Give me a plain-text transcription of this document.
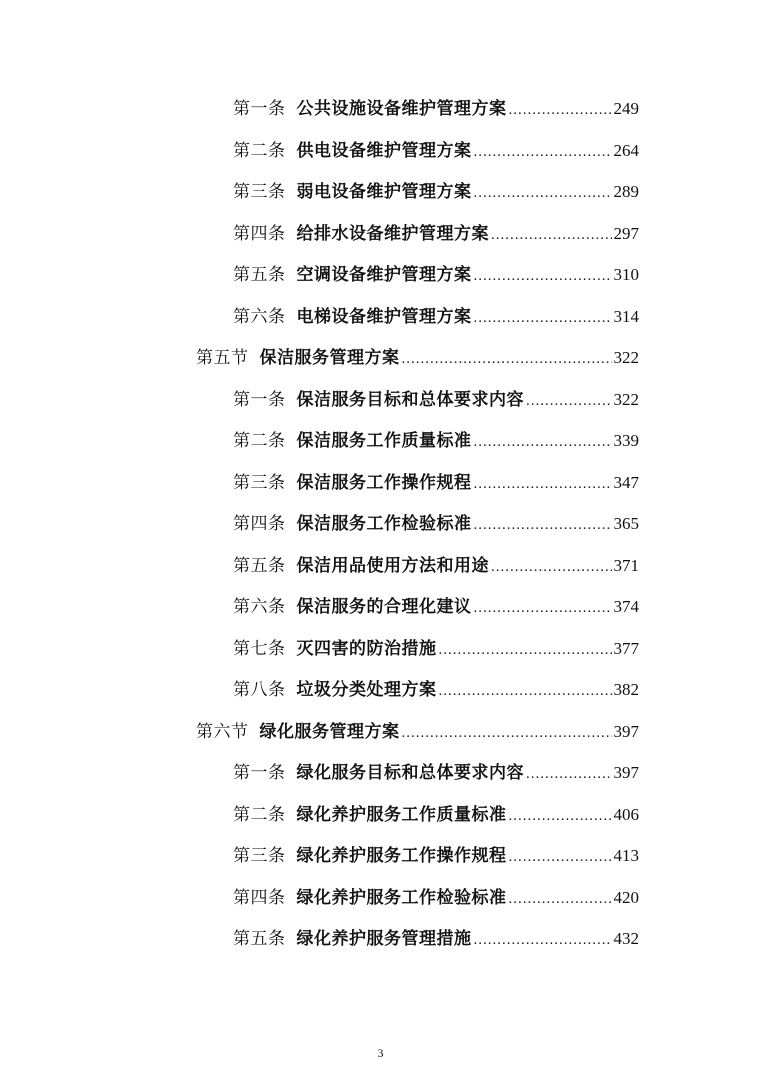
第一条 公共设施设备维护管理方案 .....	249
第二条 供电设备维护管理方案 .....	264
第三条 弱电设备维护管理方案 .....	289
第四条 给排水设备维护管理方案 .....	297
第五条 空调设备维护管理方案 .....	310
第六条 电梯设备维护管理方案 .....	314
第五节 保洁服务管理方案 .....	322
第一条 保洁服务目标和总体要求内容 .....	322
第二条 保洁服务工作质量标准 .....	339
第三条 保洁服务工作操作规程 .....	347
第四条 保洁服务工作检验标准 .....	365
第五条 保洁用品使用方法和用途 .....	371
第六条 保洁服务的合理化建议 .....	374
第七条 灭四害的防治措施 .....	377
第八条 垃圾分类处理方案 .....	382
第六节 绿化服务管理方案 .....	397
第一条 绿化服务目标和总体要求内容 .....	397
第二条 绿化养护服务工作质量标准 .....	406
第三条 绿化养护服务工作操作规程 .....	413
第四条 绿化养护服务工作检验标准 .....	420
第五条 绿化养护服务管理措施 .....	432
3
